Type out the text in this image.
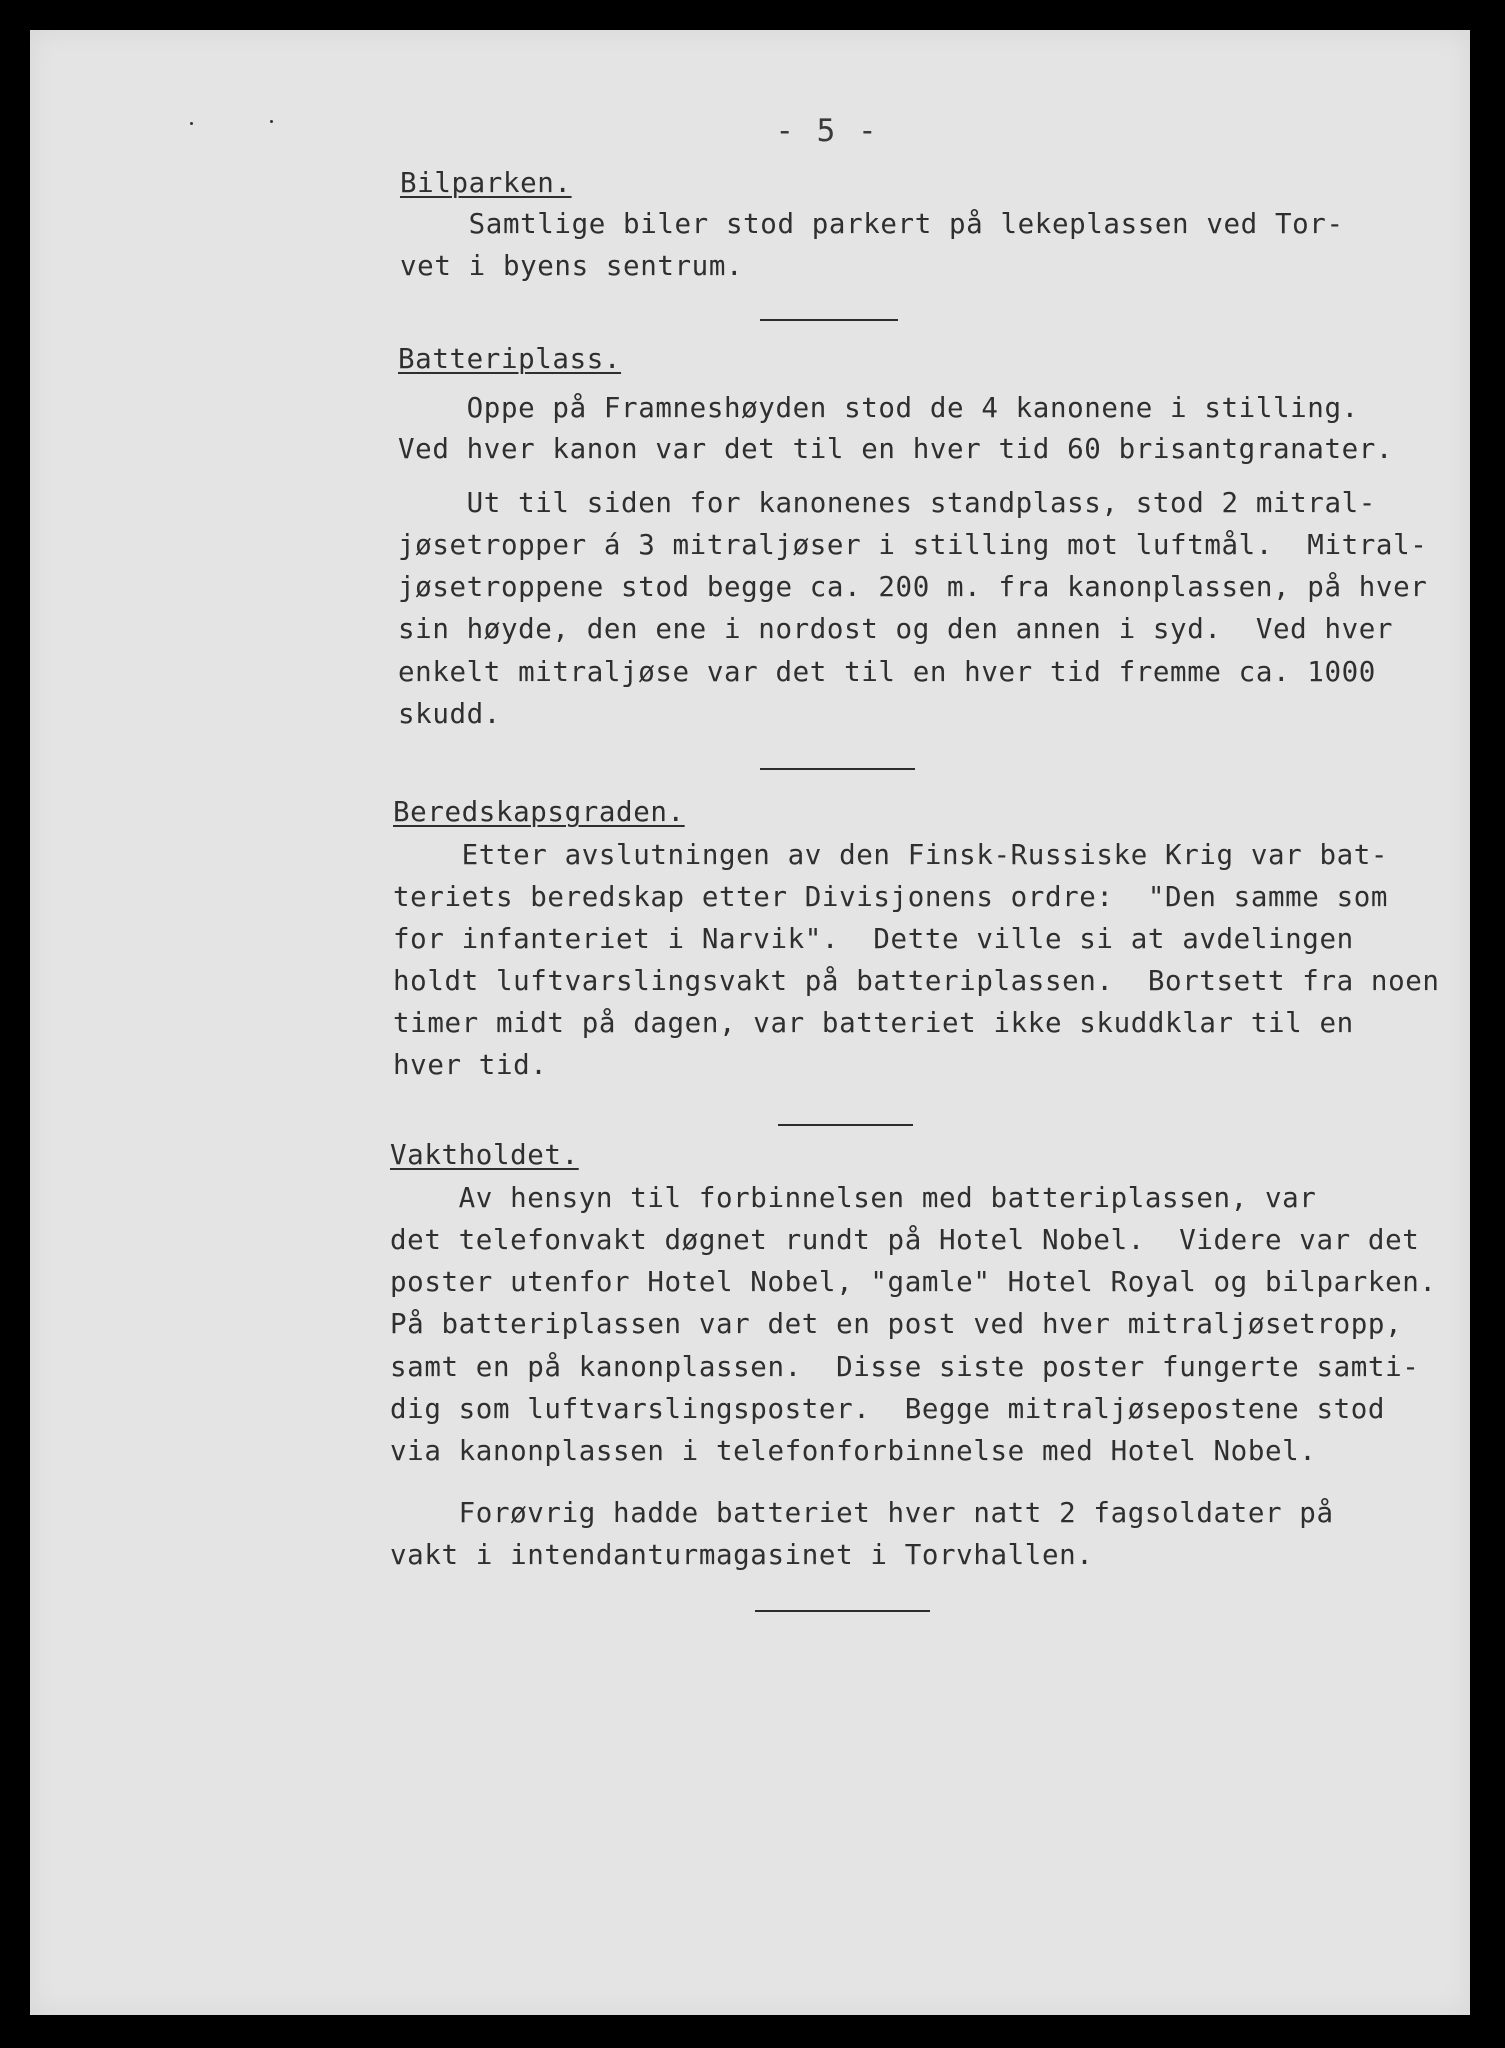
- 5 -
Bilparken.
Samtlige biler stod parkert på lekeplassen ved Tor-
vet i byens sentrum.
Batteriplass.
Oppe på Framneshøyden stod de 4 kanonene i stilling.
Ved hver kanon var det til en hver tid 60 brisantgranater.
Ut til siden for kanonenes standplass, stod 2 mitral-
jøsetropper á 3 mitraljøser i stilling mot luftmål.  Mitral-
jøsetroppene stod begge ca. 200 m. fra kanonplassen, på hver
sin høyde, den ene i nordost og den annen i syd.  Ved hver
enkelt mitraljøse var det til en hver tid fremme ca. 1000
skudd.
Beredskapsgraden.
Etter avslutningen av den Finsk-Russiske Krig var bat-
teriets beredskap etter Divisjonens ordre:  "Den samme som
for infanteriet i Narvik".  Dette ville si at avdelingen
holdt luftvarslingsvakt på batteriplassen.  Bortsett fra noen
timer midt på dagen, var batteriet ikke skuddklar til en
hver tid.
Vaktholdet.
Av hensyn til forbinnelsen med batteriplassen, var
det telefonvakt døgnet rundt på Hotel Nobel.  Videre var det
poster utenfor Hotel Nobel, "gamle" Hotel Royal og bilparken.
På batteriplassen var det en post ved hver mitraljøsetropp,
samt en på kanonplassen.  Disse siste poster fungerte samti-
dig som luftvarslingsposter.  Begge mitraljøsepostene stod
via kanonplassen i telefonforbinnelse med Hotel Nobel.
Forøvrig hadde batteriet hver natt 2 fagsoldater på
vakt i intendanturmagasinet i Torvhallen.
